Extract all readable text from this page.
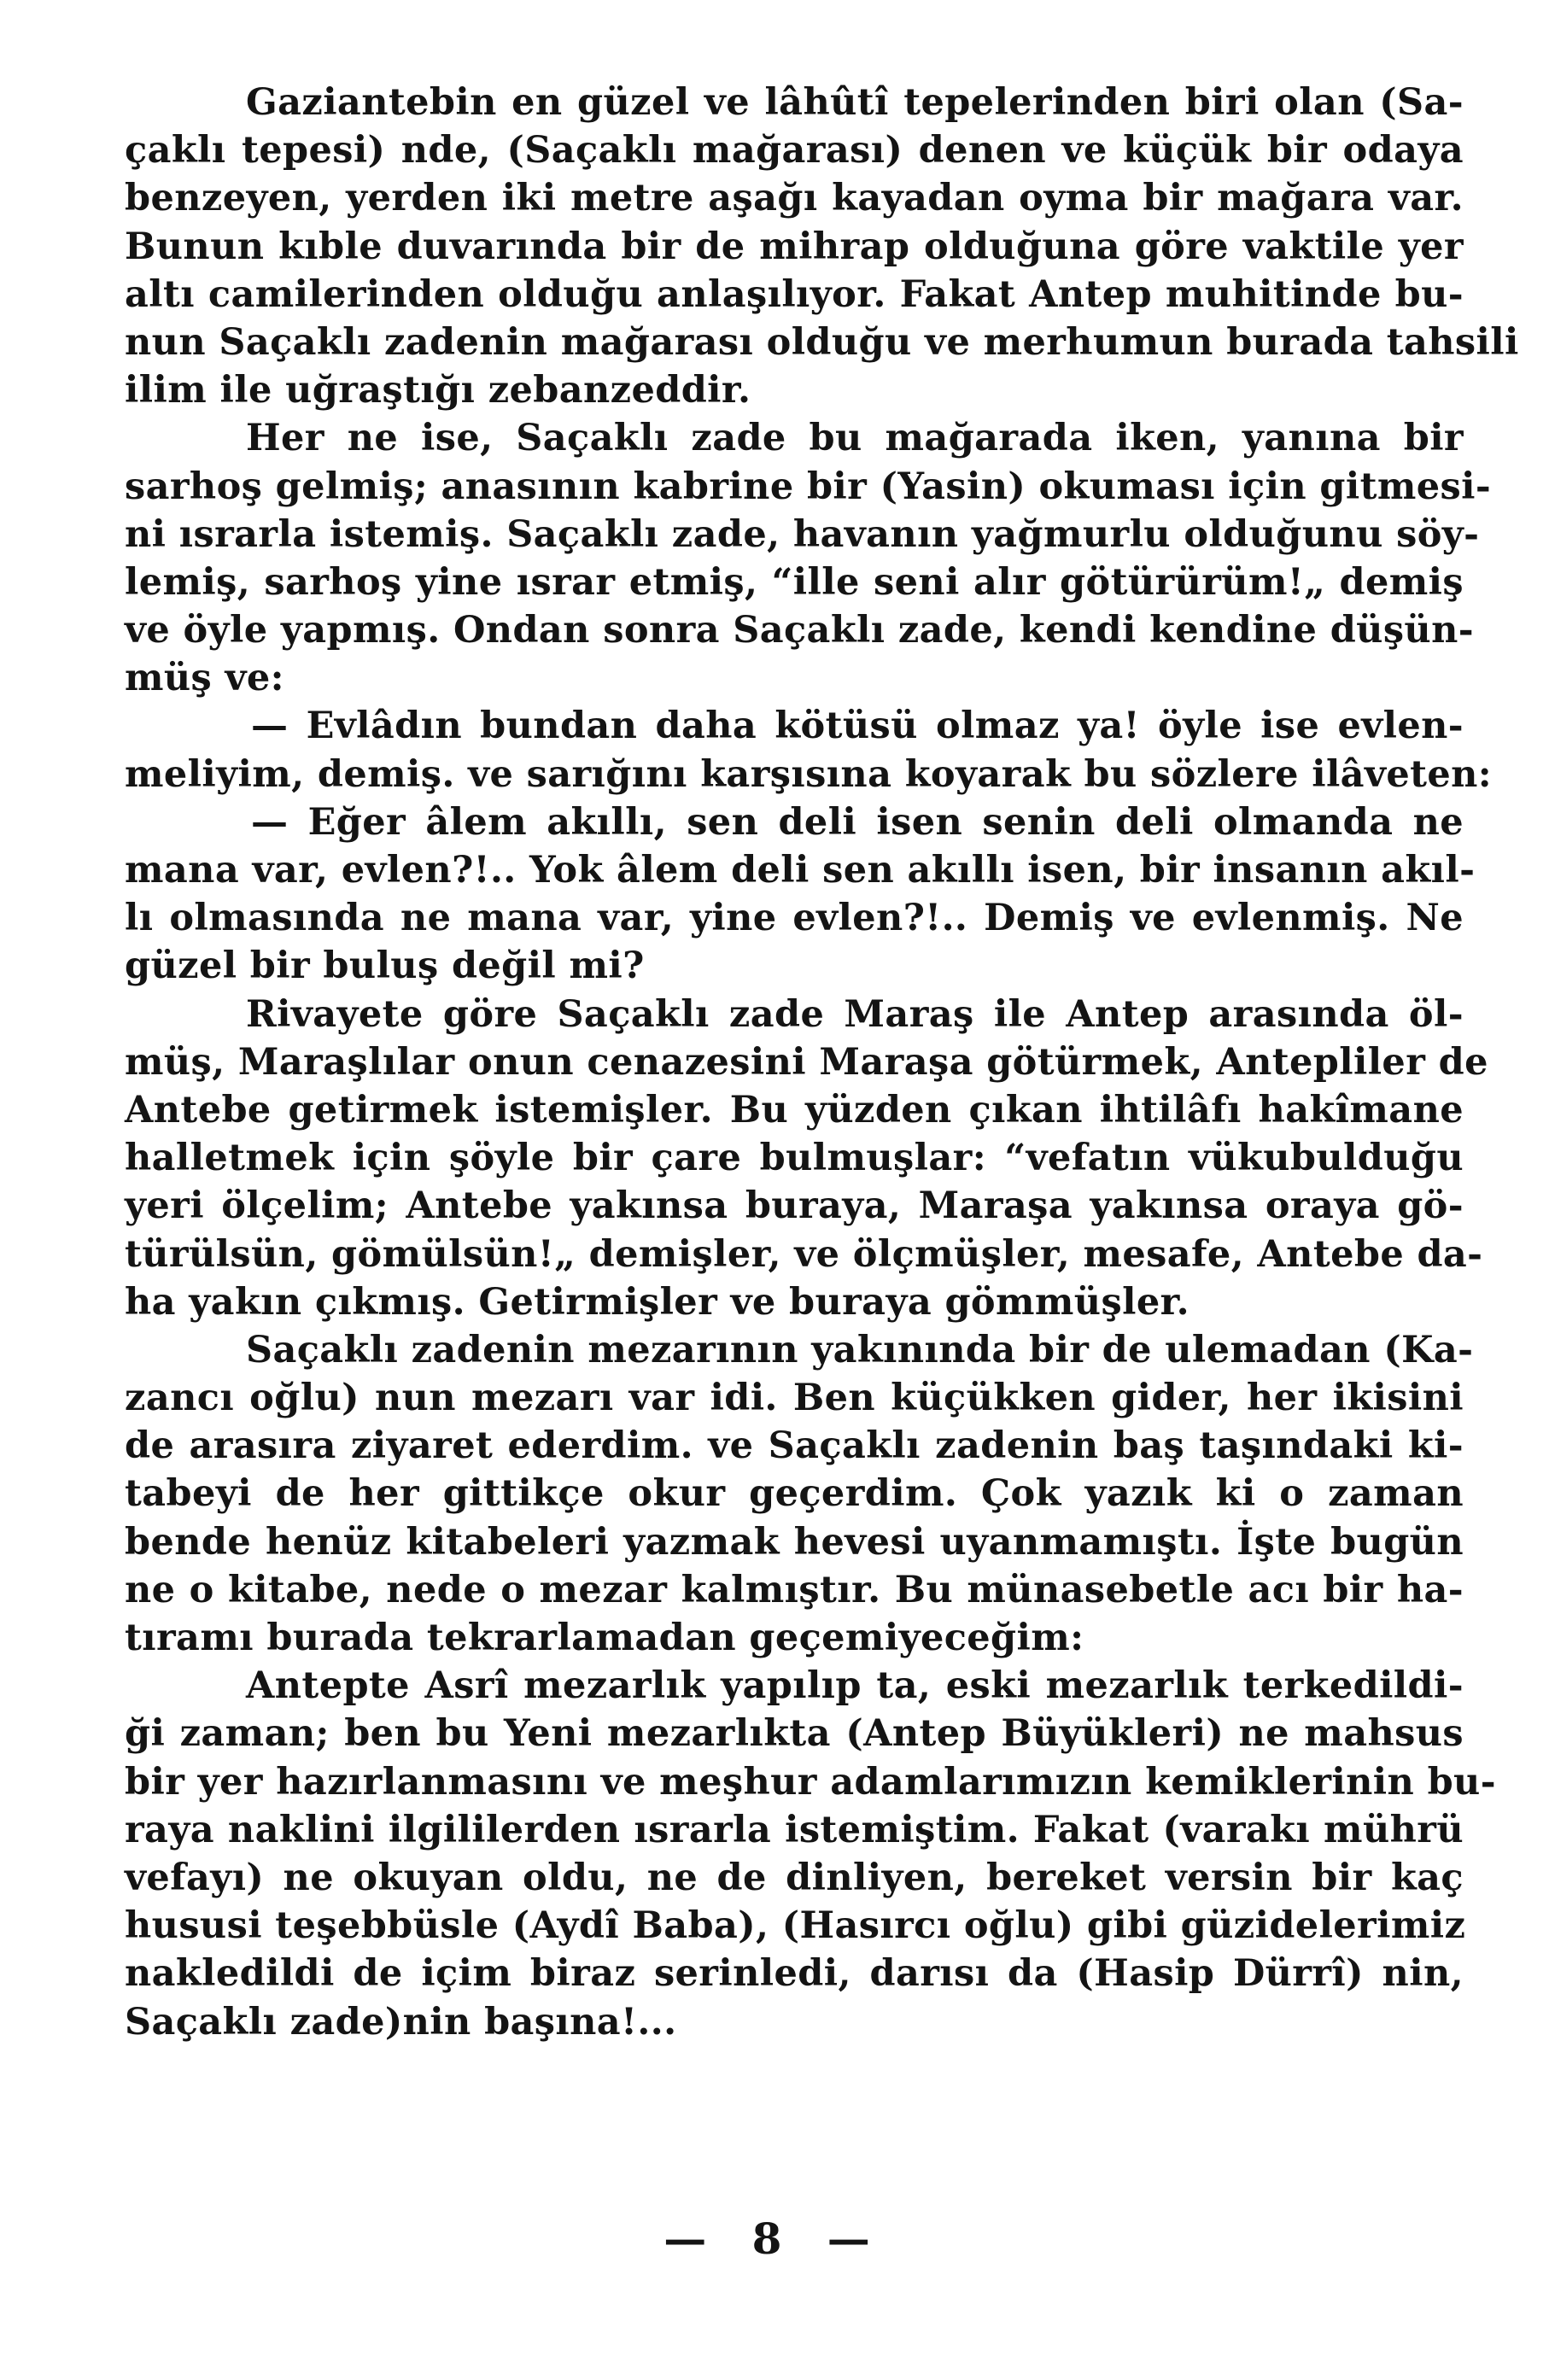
Gaziantebin en güzel ve lâhûtî tepelerinden biri olan (Sa-
çaklı tepesi) nde, (Saçaklı mağarası) denen ve küçük bir odaya
benzeyen, yerden iki metre aşağı kayadan oyma bir mağara var.
Bunun kıble duvarında bir de mihrap olduğuna göre vaktile yer
altı camilerinden olduğu anlaşılıyor. Fakat Antep muhitinde bu-
nun Saçaklı zadenin mağarası olduğu ve merhumun burada tahsili
ilim ile uğraştığı zebanzeddir.
Her ne ise, Saçaklı zade bu mağarada iken, yanına bir
sarhoş gelmiş; anasının kabrine bir (Yasin) okuması için gitmesi-
ni ısrarla istemiş. Saçaklı zade, havanın yağmurlu olduğunu söy-
lemiş, sarhoş yine ısrar etmiş, “ille seni alır götürürüm!„ demiş
ve öyle yapmış. Ondan sonra Saçaklı zade, kendi kendine düşün-
müş ve:
— Evlâdın bundan daha kötüsü olmaz ya! öyle ise evlen-
meliyim, demiş. ve sarığını karşısına koyarak bu sözlere ilâveten:
— Eğer âlem akıllı, sen deli isen senin deli olmanda ne
mana var, evlen?!.. Yok âlem deli sen akıllı isen, bir insanın akıl-
lı olmasında ne mana var, yine evlen?!.. Demiş ve evlenmiş. Ne
güzel bir buluş değil mi?
Rivayete göre Saçaklı zade Maraş ile Antep arasında öl-
müş, Maraşlılar onun cenazesini Maraşa götürmek, Antepliler de
Antebe getirmek istemişler. Bu yüzden çıkan ihtilâfı hakîmane
halletmek için şöyle bir çare bulmuşlar: “vefatın vükubulduğu
yeri ölçelim; Antebe yakınsa buraya, Maraşa yakınsa oraya gö-
türülsün, gömülsün!„ demişler, ve ölçmüşler, mesafe, Antebe da-
ha yakın çıkmış. Getirmişler ve buraya gömmüşler.
Saçaklı zadenin mezarının yakınında bir de ulemadan (Ka-
zancı oğlu) nun mezarı var idi. Ben küçükken gider, her ikisini
de arasıra ziyaret ederdim. ve Saçaklı zadenin baş taşındaki ki-
tabeyi de her gittikçe okur geçerdim. Çok yazık ki o zaman
bende henüz kitabeleri yazmak hevesi uyanmamıştı. İşte bugün
ne o kitabe, nede o mezar kalmıştır. Bu münasebetle acı bir ha-
tıramı burada tekrarlamadan geçemiyeceğim:
Antepte Asrî mezarlık yapılıp ta, eski mezarlık terkedildi-
ği zaman; ben bu Yeni mezarlıkta (Antep Büyükleri) ne mahsus
bir yer hazırlanmasını ve meşhur adamlarımızın kemiklerinin bu-
raya naklini ilgililerden ısrarla istemiştim. Fakat (varakı mührü
vefayı) ne okuyan oldu, ne de dinliyen, bereket versin bir kaç
hususi teşebbüsle (Aydî Baba), (Hasırcı oğlu) gibi güzidelerimiz
nakledildi de içim biraz serinledi, darısı da (Hasip Dürrî) nin,
Saçaklı zade)nin başına!...
— 8 —
